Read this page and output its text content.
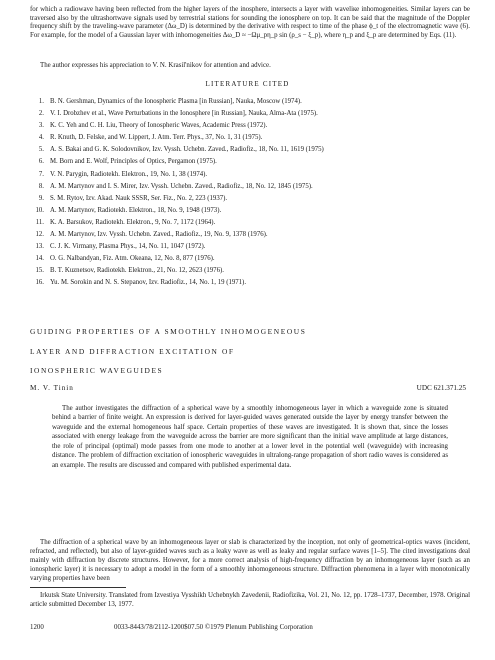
for which a radiowave having been reflected from the higher layers of the inosphere, intersects a layer with waveliке inhomogeneities. Similar layers can be traversed also by the ultrashortwave signals used by terrestrial stations for sounding the ionosphere on top. It can be said that the magnitude of the Doppler frequency shift by the traveling-wave parameter (Δω_D) is determined by the derivative with respect to time of the phase ϕ_t of the electromagnetic wave (6). For example, for the model of a Gaussian layer with inhomogeneities Δω_D ≈ −Ωμ_pη_p sin (ρ_s − ξ_p), where η_p and ξ_p are determined by Eqs. (11).

The author expresses his appreciation to V. N. Krasil'nikov for attention and advice.

LITERATURE CITED
1. B. N. Gershman, Dynamics of the Ionospheric Plasma [in Russian], Nauka, Moscow (1974).
2. V. I. Drobzhev et al., Wave Perturbations in the Ionosphere [in Russian], Nauka, Alma-Ata (1975).
3. K. C. Yeh and C. H. Liu, Theory of Ionospheric Waves, Academic Press (1972).
4. R. Knuth, D. Felske, and W. Lippert, J. Atm. Terr. Phys., 37, No. 1, 31 (1975).
5. A. S. Bakai and G. K. Solodovnikov, Izv. Vyssh. Uchebn. Zaved., Radiofiz., 18, No. 11, 1619 (1975)
6. M. Born and E. Wolf, Principles of Optics, Pergamon (1975).
7. V. N. Parygin, Radiotekh. Elektron., 19, No. 1, 38 (1974).
8. A. M. Martynov and I. S. Mirer, Izv. Vyssh. Uchebn. Zaved., Radiofiz., 18, No. 12, 1845 (1975).
9. S. M. Rytov, Izv. Akad. Nauk SSSR, Ser. Fiz., No. 2, 223 (1937).
10. A. M. Martynov, Radiotekh. Elektron., 18, No. 9, 1948 (1973).
11. K. A. Barsukov, Radiotekh. Elektron., 9, No. 7, 1172 (1964).
12. A. M. Martynov, Izv. Vyssh. Uchebn. Zaved., Radiofiz., 19, No. 9, 1378 (1976).
13. C. J. K. Virmany, Plasma Phys., 14, No. 11, 1047 (1972).
14. O. G. Nalbandyan, Fiz. Atm. Okeana, 12, No. 8, 877 (1976).
15. B. T. Kuznetsov, Radiotekh. Elektron., 21, No. 12, 2623 (1976).
16. Yu. M. Sorokin and N. S. Stepanov, Izv. Radiofiz., 14, No. 1, 19 (1971).
GUIDING PROPERTIES OF A SMOOTHLY INHOMOGENEOUS
LAYER AND DIFFRACTION EXCITATION OF
IONOSPHERIC WAVEGUIDES
M. V. Tinin	UDC 621.371.25

The author investigates the diffraction of a spherical wave by a smoothly inhomogeneous layer in which a waveguide zone is situated behind a barrier of finite weight. An expression is derived for layer-guided waves generated outside the layer by energy transfer between the waveguide and the external homogeneous half space. Certain properties of these waves are investigated. It is shown that, since the losses associated with energy leakage from the waveguide across the barrier are more significant than the initial wave amplitude at large distances, the role of principal (optimal) mode passes from one mode to another at a lower level in the potential well (waveguide) with increasing distance. The problem of diffraction excitation of ionospheric waveguides in ultralong-range propagation of short radio waves is considered as an example. The results are discussed and compared with published experimental data.

The diffraction of a spherical wave by an inhomogeneous layer or slab is characterized by the inception, not only of geometrical-optics waves (incident, refracted, and reflected), but also of layer-guided waves such as a leaky wave as well as leaky and regular surface waves [1–5]. The cited investigations deal mainly with diffraction by discrete structures. However, for a more correct analysis of high-frequency diffraction by an inhomogeneous layer (such as an ionospheric layer) it is necessary to adopt a model in the form of a smoothly inhomogeneous structure. Diffraction phenomena in a layer with monotonically varying properties have been

Irkutsk State University. Translated from Izvestiya Vysshikh Uchebnykh Zavedenii, Radiofizika, Vol. 21, No. 12, pp. 1728–1737, December, 1978. Original article submitted December 13, 1977.

1200	0033-8443/78/2112-1200$07.50 ©1979 Plenum Publishing Corporation
